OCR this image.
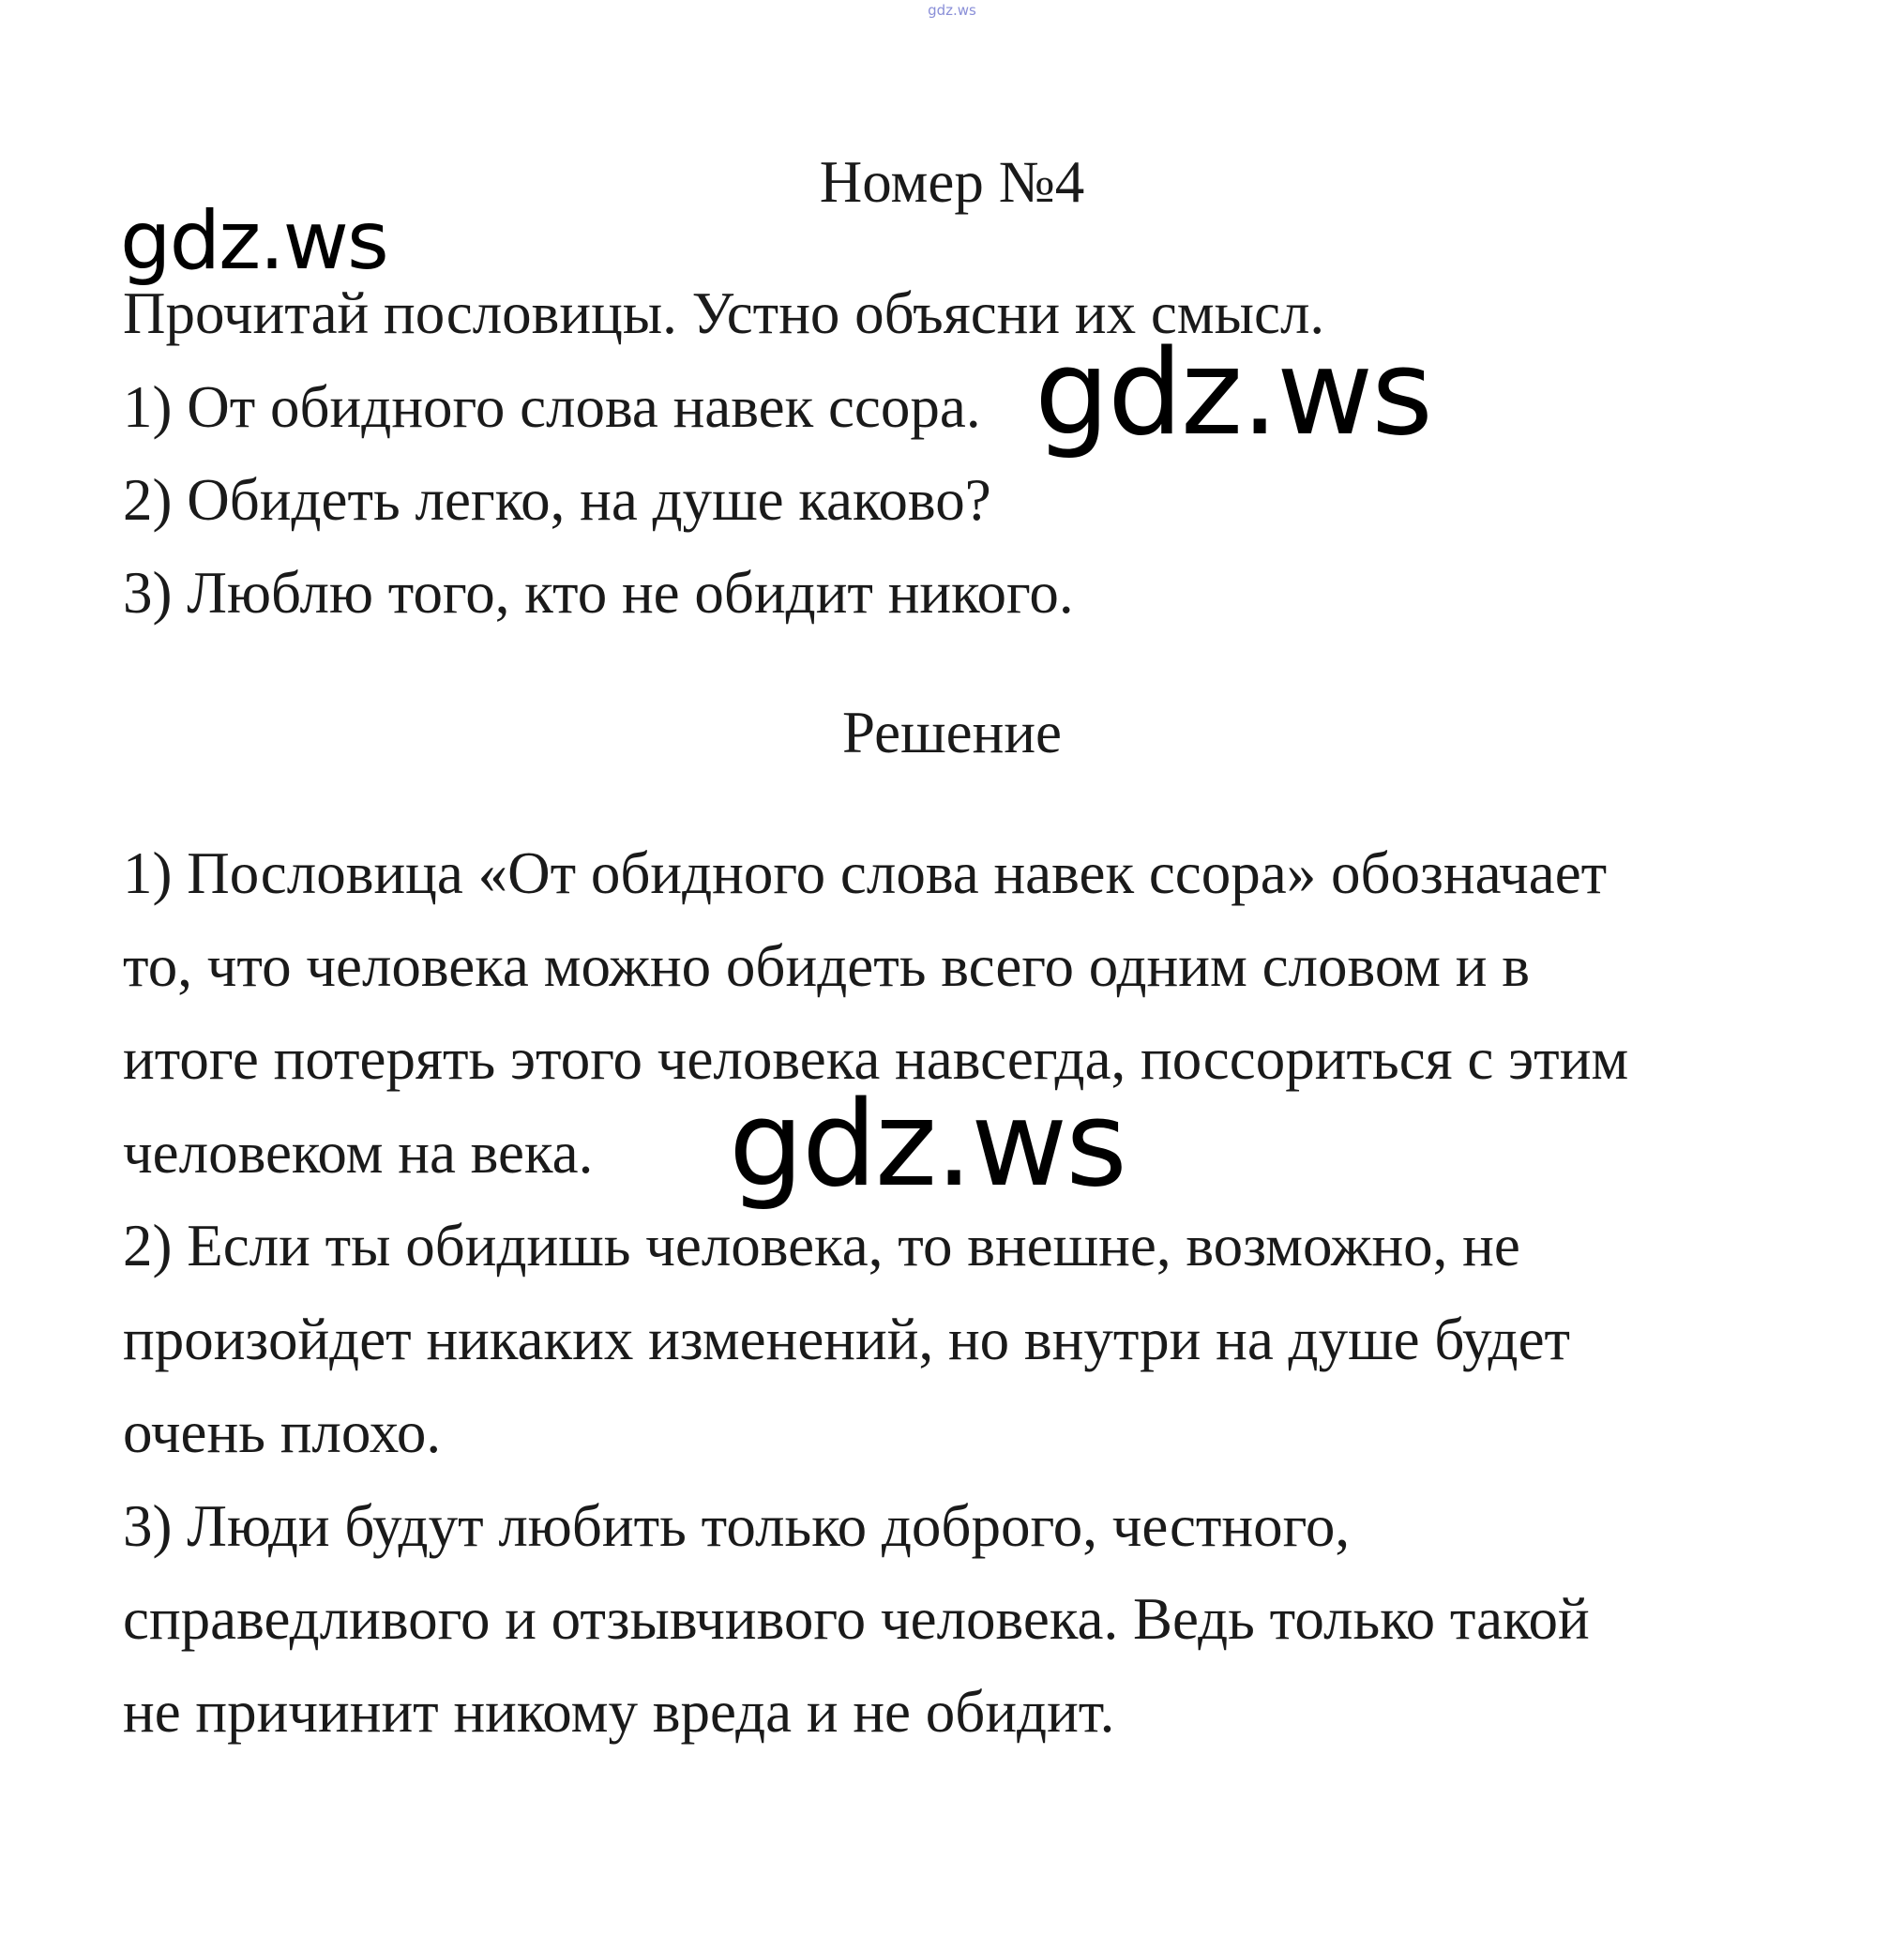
gdz.ws
Номер №4
Прочитай пословицы. Устно объясни их смысл.
1) От обидного слова навек ссора.
2) Обидеть легко, на душе каково?
3) Люблю того, кто не обидит никого.
Решение
1) Пословица «От обидного слова навек ссора» обозначает
то, что человека можно обидеть всего одним словом и в
итоге потерять этого человека навсегда, поссориться с этим
человеком на века.
2) Если ты обидишь человека, то внешне, возможно, не
произойдет никаких изменений, но внутри на душе будет
очень плохо.
3) Люди будут любить только доброго, честного,
справедливого и отзывчивого человека. Ведь только такой
не причинит никому вреда и не обидит.
gdz.ws
gdz.ws
gdz.ws
